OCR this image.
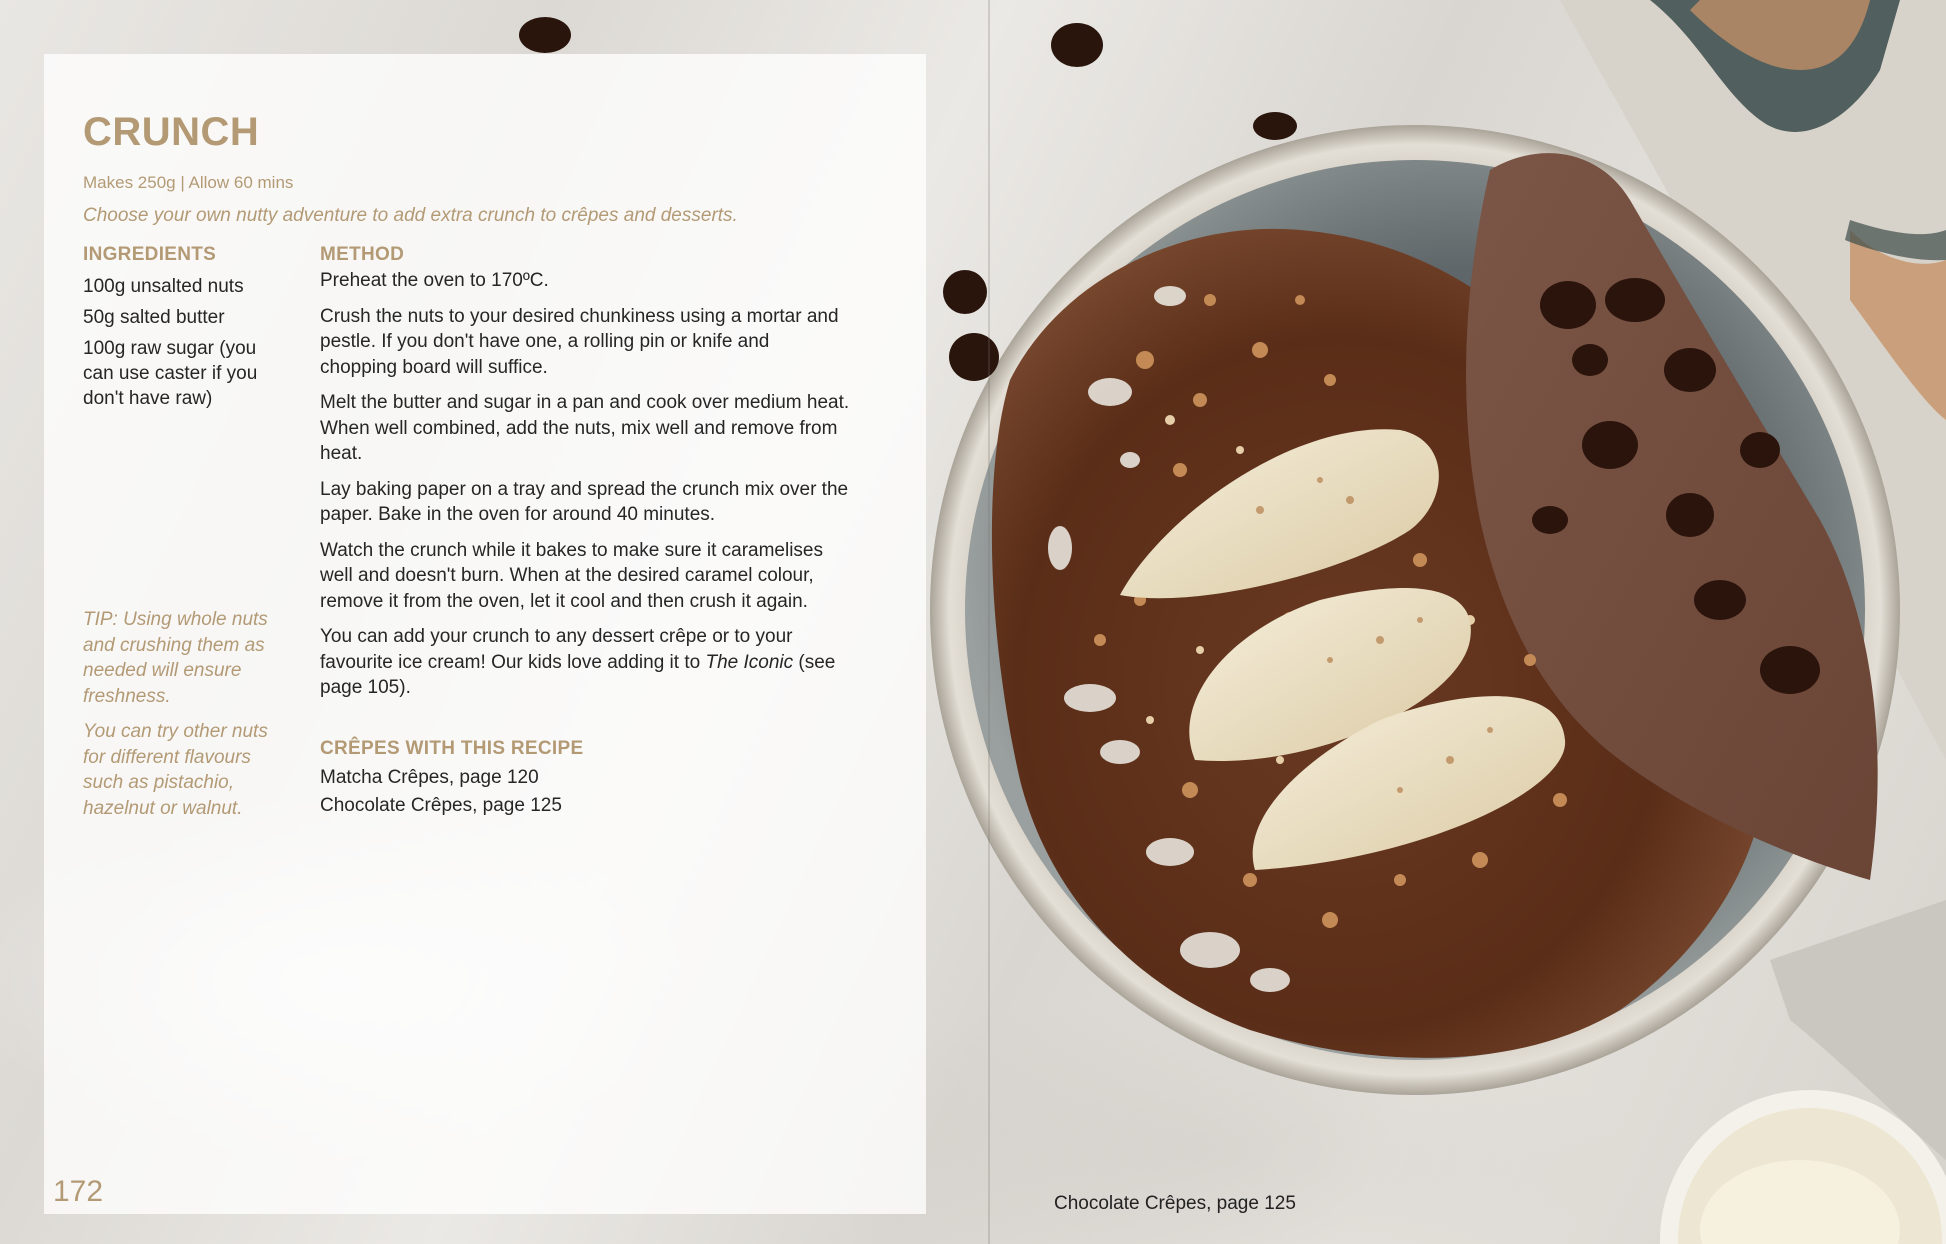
CRUNCH
Makes 250g | Allow 60 mins
Choose your own nutty adventure to add extra crunch to crêpes and desserts.
INGREDIENTS
100g unsalted nuts
50g salted butter
100g raw sugar (you can use caster if you don't have raw)
METHOD

Preheat the oven to 170ºC.

Crush the nuts to your desired chunkiness using a mortar and pestle. If you don't have one, a rolling pin or knife and chopping board will suffice.

Melt the butter and sugar in a pan and cook over medium heat. When well combined, add the nuts, mix well and remove from heat.

Lay baking paper on a tray and spread the crunch mix over the paper. Bake in the oven for around 40 minutes.

Watch the crunch while it bakes to make sure it caramelises well and doesn't burn. When at the desired caramel colour, remove it from the oven, let it cool and then crush it again.

You can add your crunch to any dessert crêpe or to your favourite ice cream! Our kids love adding it to The Iconic (see page 105).

TIP: Using whole nuts and crushing them as needed will ensure freshness.

You can try other nuts for different flavours such as pistachio, hazelnut or walnut.

CRÊPES WITH THIS RECIPE
Matcha Crêpes, page 120
Chocolate Crêpes, page 125
172	Chocolate Crêpes, page 125
